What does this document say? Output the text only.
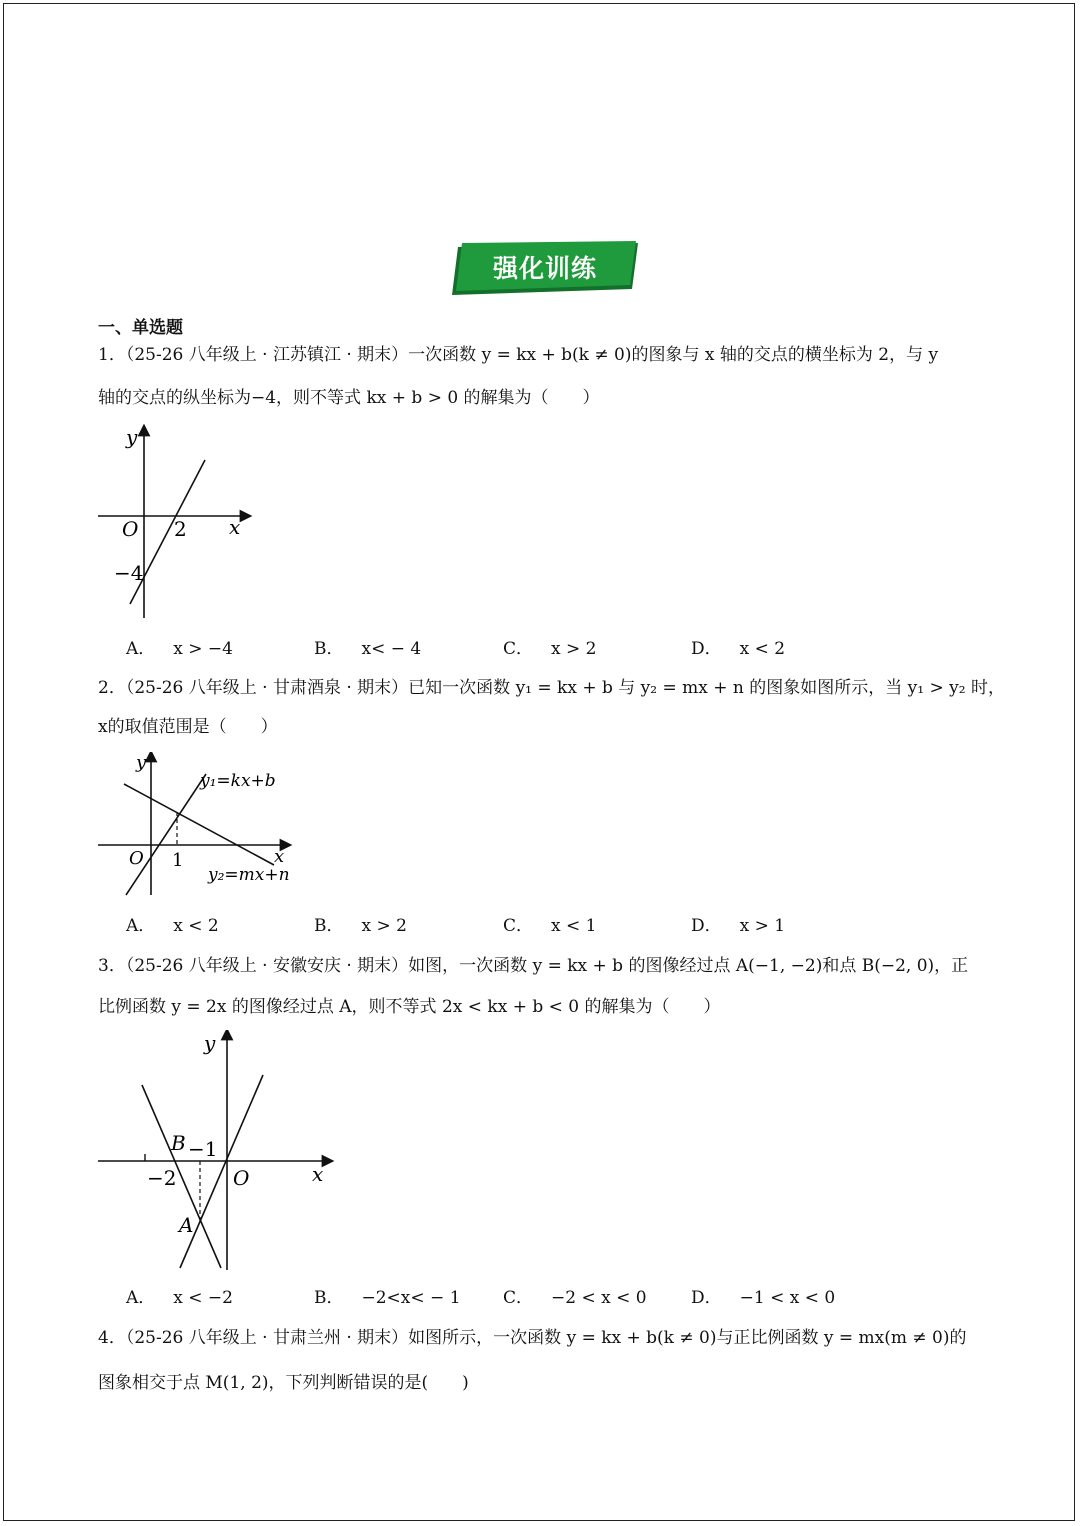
强化训练
一、单选题
1．（25-26 八年级上 · 江苏镇江 · 期末）一次函数 y = kx + b(k ≠ 0)的图象与 x 轴的交点的横坐标为 2，与 y
轴的交点的纵坐标为−4，则不等式 kx + b > 0 的解集为（　　）
y
x
O 2
−4
A． x > −4	B． x< − 4	C． x > 2	D． x < 2
2．（25-26 八年级上 · 甘肃酒泉 · 期末）已知一次函数 y₁ = kx + b 与 y₂ = mx + n 的图象如图所示，当 y₁ > y₂ 时，
x的取值范围是（　　）
y
x
O 1
y₁=kx+b
y₂=mx+n
A． x < 2	B． x > 2	C． x < 1	D． x > 1
3．（25-26 八年级上 · 安徽安庆 · 期末）如图，一次函数 y = kx + b 的图像经过点 A(−1, −2)和点 B(−2, 0)，正
比例函数 y = 2x 的图像经过点 A，则不等式 2x < kx + b < 0 的解集为（　　）
y
x
O
B −1
−2
A
A． x < −2	B． −2<x< − 1 C． −2 < x < 0	D． −1 < x < 0
4．（25-26 八年级上 · 甘肃兰州 · 期末）如图所示，一次函数 y = kx + b(k ≠ 0)与正比例函数 y = mx(m ≠ 0)的
图象相交于点 M(1, 2)，下列判断错误的是(　　)
